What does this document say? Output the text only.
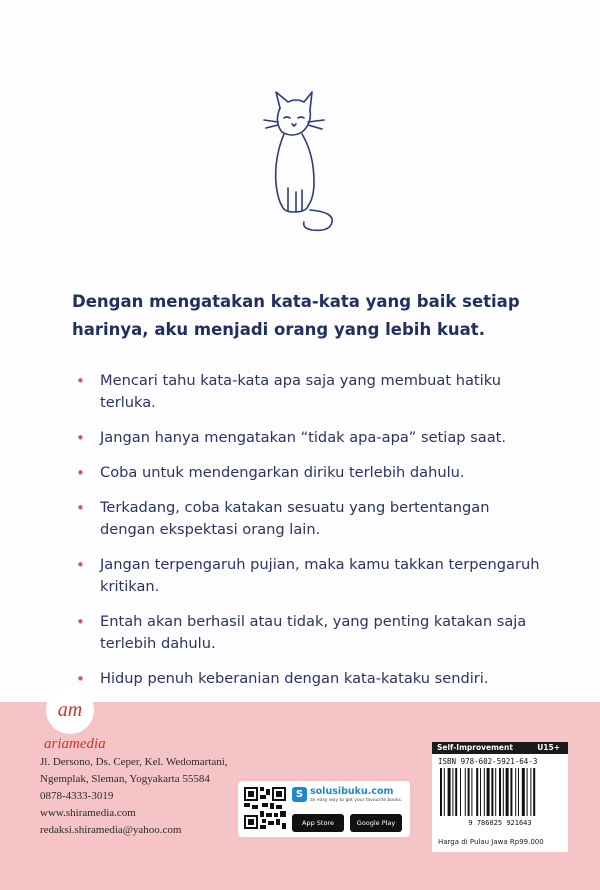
Dengan mengatakan kata-kata yang baik setiap harinya, aku menjadi orang yang lebih kuat.

• Mencari tahu kata-kata apa saja yang membuat hatiku terluka.
• Jangan hanya mengatakan “tidak apa-apa” setiap saat.
• Coba untuk mendengarkan diriku terlebih dahulu.
• Terkadang, coba katakan sesuatu yang bertentangan dengan ekspektasi orang lain.
• Jangan terpengaruh pujian, maka kamu takkan terpengaruh kritikan.
• Entah akan berhasil atau tidak, yang penting katakan saja terlebih dahulu.
• Hidup penuh keberanian dengan kata-kataku sendiri.
am
ariamedia
Jl. Dersono, Ds. Ceper, Kel. Wedomartani,
Ngemplak, Sleman, Yogyakarta 55584
0878-4333-3019
www.shiramedia.com
redaksi.shiramedia@yahoo.com
S solusibuku.com
an easy way to get your favourite books.
App Store	Google Play
Self-Improvement	U15+
ISBN 978-602-5921-64-3
9 786025 921643
Harga di Pulau Jawa Rp99.000
